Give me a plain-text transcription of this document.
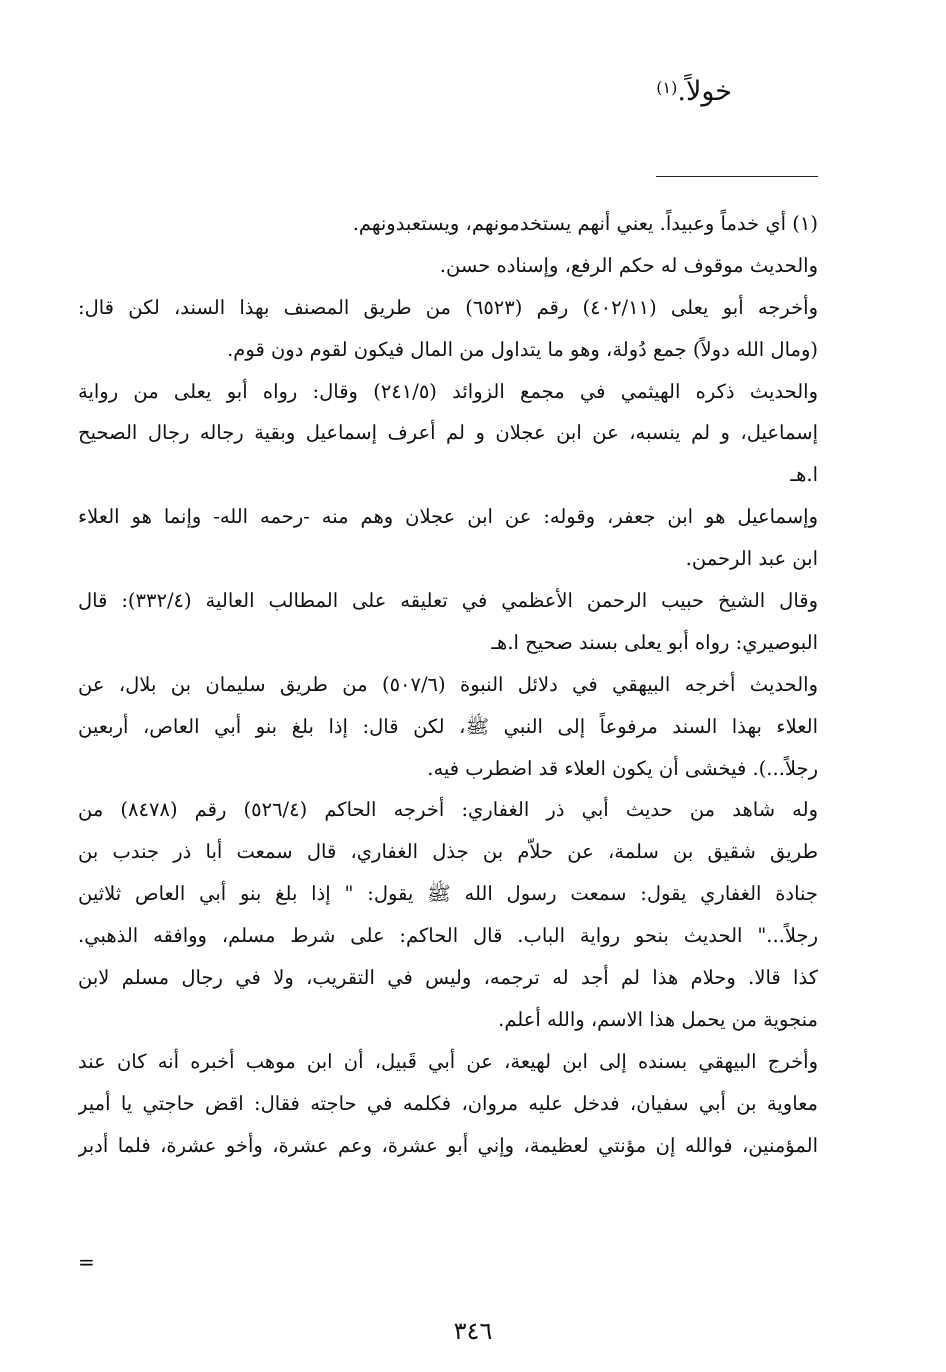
خولاً.$^{(١)}$
(١) أي خدماً وعبيداً. يعني أنهم يستخدمونهم، ويستعبدونهم.
والحديث موقوف له حكم الرفع، وإسناده حسن.
وأخرجه أبو يعلى (٤٠٢/١١) رقم (٦٥٢٣) من طريق المصنف بهذا السند، لكن قال:
(ومال الله دولاً) جمع دُولة، وهو ما يتداول من المال فيكون لقوم دون قوم.
والحديث ذكره الهيثمي في مجمع الزوائد (٢٤١/٥) وقال: رواه أبو يعلى من رواية
إسماعيل، و لم ينسبه، عن ابن عجلان و لم أعرف إسماعيل وبقية رجاله رجال الصحيح
ا.هـ
وإسماعيل هو ابن جعفر، وقوله: عن ابن عجلان وهم منه -رحمه الله- وإنما هو العلاء
ابن عبد الرحمن.
وقال الشيخ حبيب الرحمن الأعظمي في تعليقه على المطالب العالية (٣٣٢/٤): قال
البوصيري: رواه أبو يعلى بسند صحيح ا.هـ
والحديث أخرجه البيهقي في دلائل النبوة (٥٠٧/٦) من طريق سليمان بن بلال، عن
العلاء بهذا السند مرفوعاً إلى النبي ﷺ، لكن قال: إذا بلغ بنو أبي العاص، أربعين
رجلاً...). فيخشى أن يكون العلاء قد اضطرب فيه.
وله شاهد من حديث أبي ذر الغفاري: أخرجه الحاكم (٥٢٦/٤) رقم (٨٤٧٨) من
طريق شقيق بن سلمة، عن حلاّم بن جذل الغفاري، قال سمعت أبا ذر جندب بن
جنادة الغفاري يقول: سمعت رسول الله ﷺ يقول: " إذا بلغ بنو أبي العاص ثلاثين
رجلاً..." الحديث بنحو رواية الباب. قال الحاكم: على شرط مسلم، ووافقه الذهبي.
كذا قالا. وحلام هذا لم أجد له ترجمه، وليس في التقريب، ولا في رجال مسلم لابن
منجوية من يحمل هذا الاسم، والله أعلم.
وأخرج البيهقي بسنده إلى ابن لهيعة، عن أبي قَبيل، أن ابن موهب أخبره أنه كان عند
معاوية بن أبي سفيان، فدخل عليه مروان، فكلمه في حاجته فقال: اقض حاجتي يا أمير
المؤمنين، فوالله إن مؤنتي لعظيمة، وإني أبو عشرة، وعم عشرة، وأخو عشرة، فلما أدبر
=
٣٤٦
